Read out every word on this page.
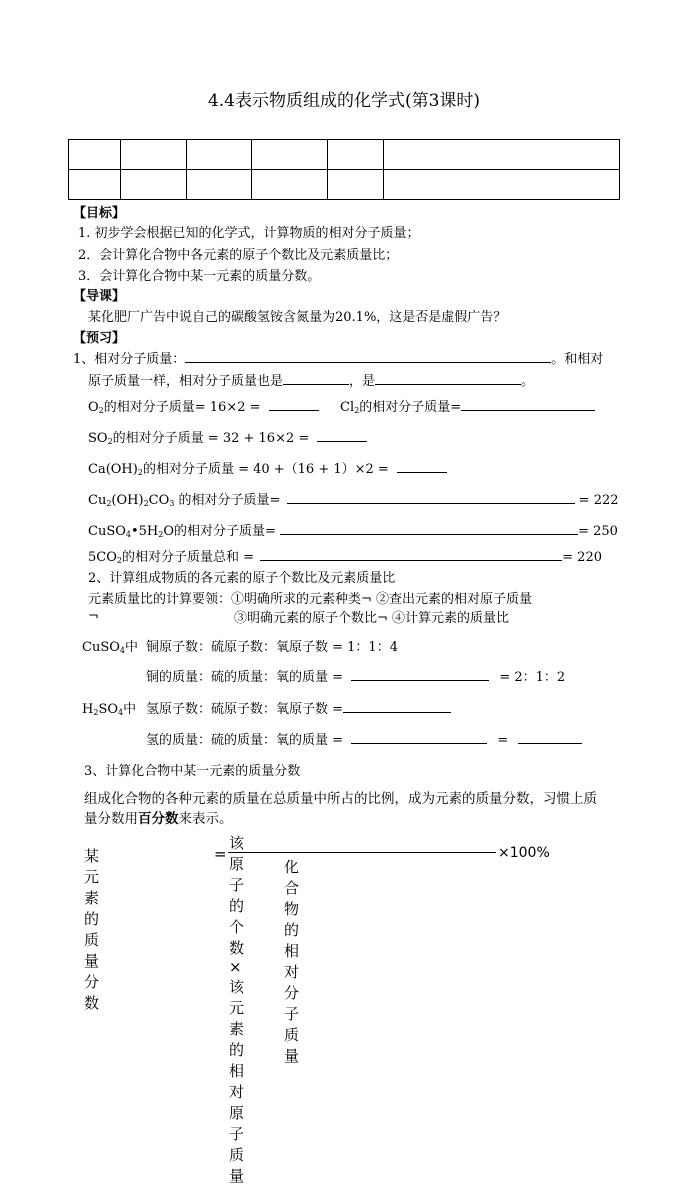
4.4表示物质组成的化学式(第3课时)

【目标】
1. 初步学会根据已知的化学式，计算物质的相对分子质量；
2．会计算化合物中各元素的原子个数比及元素质量比；
3．会计算化合物中某一元素的质量分数。
【导课】
某化肥厂广告中说自己的碳酸氢铵含氮量为20.1%，这是否是虚假广告？
【预习】
1、相对分子质量：	。和相对
原子质量一样，相对分子质量也是	，是	。
$O_2$的相对分子质量= 16×2 =	$Cl_2$的相对分子质量=
$SO_2$的相对分子质量 = 32 + 16×2 =
$Ca(OH)_2$的相对分子质量 = 40 +（16 + 1）×2 =
$Cu_2(OH)_2CO_3$ 的相对分子质量=	= 222
$CuSO_4•5H_2O$的相对分子质量=	= 250
$5CO_2$的相对分子质量总和 =	= 220
2、计算组成物质的各元素的原子个数比及元素质量比
元素质量比的计算要领：①明确所求的元素种类¬ ②查出元素的相对原子质量
¬	③明确元素的原子个数比¬ ④计算元素的质量比
CuSO$_4$中 铜原子数：硫原子数：氧原子数 = 1：1：4
铜的质量：硫的质量：氧的质量 =	= 2：1：2
$H_2SO_4$中 氢原子数：硫原子数：氧原子数 =
氢的质量：硫的质量：氧的质量 =	=
3、计算化合物中某一元素的质量分数
组成化合物的各种元素的质量在总质量中所占的比例，成为元素的质量分数，习惯上质
量分数用百分数来表示。
某元素的质量分数
=
该原子的个数×该元素的相对原子质量
化合物的相对分子质量
×100%
